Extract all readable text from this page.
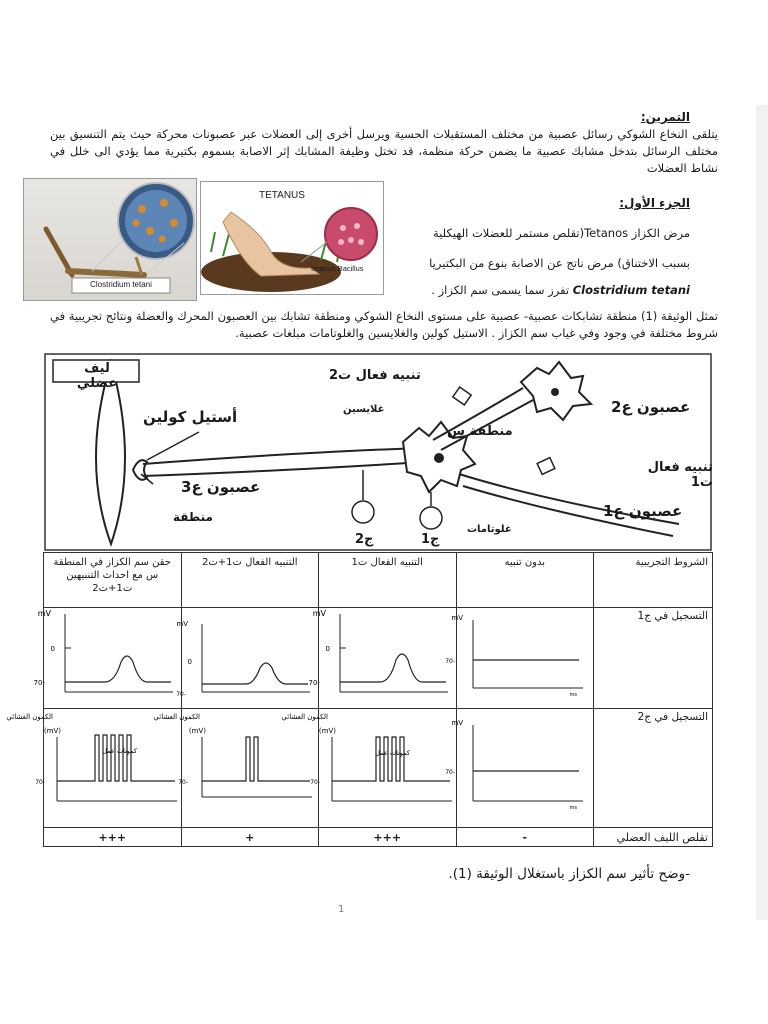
التمرين:
يتلقى النخاع الشوكي رسائل عصبية من مختلف المستقبلات الحسية ويرسل أخرى إلى العضلات عبر عصبونات محركة حيث يتم التنسيق بين مختلف الرسائل بتدخل مشابك عصبية ما يضمن حركة منظمة، قد تختل وظيفة المشابك إثر الاصابة بسموم بكتيرية مما يؤدي الى خلل في نشاط العضلات
الجزء الأول:
مرض الكزاز Tetanos(تقلص مستمر للعضلات الهيكلية
بسبب الاختناق) مرض ناتج عن الاصابة بنوع من البكتيريا
Clostridium tetani تفرز سما يسمى سم الكزاز .
تمثل الوثيقة (1) منطقة تشابكات عصبية- عصبية على مستوى النخاع الشوكي ومنطقة تشابك بين العصبون المحرك والعضلة ونتائج تجريبية في شروط مختلفة في وجود وفي غياب سم الكزاز . الاستيل كولين والغلايسين والغلوتامات مبلغات عصبية.
Clostridium tetani
TETANUS
tetanus Bacillus
ليف عضلي
تنبيه فعال ت2
عصبون ع2
غلايسين
منطقة س
أستيل كولين
تنبيه فعال ت1
عصبون ع3
منطقة	عصبون ع1
غلوتامات
ج2	ج1
الشروط التجريبية	بدون تنبيه	التنبيه الفعال ت1	التنبيه الفعال ت1+ت2	حقن سم الكزاز في المنطقة س مع احداث التنبيهين ت1+ت2
التسجيل في ج1	mV
-70
ms	mV
0
-70	mV
0
-70	mV
0
-70

التسجيل في ج2	mV
-70
ms	الكمون الغشائي
(mV)
كمونات عمل
-70	الكمون الغشائي
(mV)
-70	الكمون الغشائي
(mV)
كمونات عمل
-70

تقلص الليف العضلي	-	+++	+	+++
-وضح تأثير سم الكزاز باستغلال الوثيقة (1).
1
